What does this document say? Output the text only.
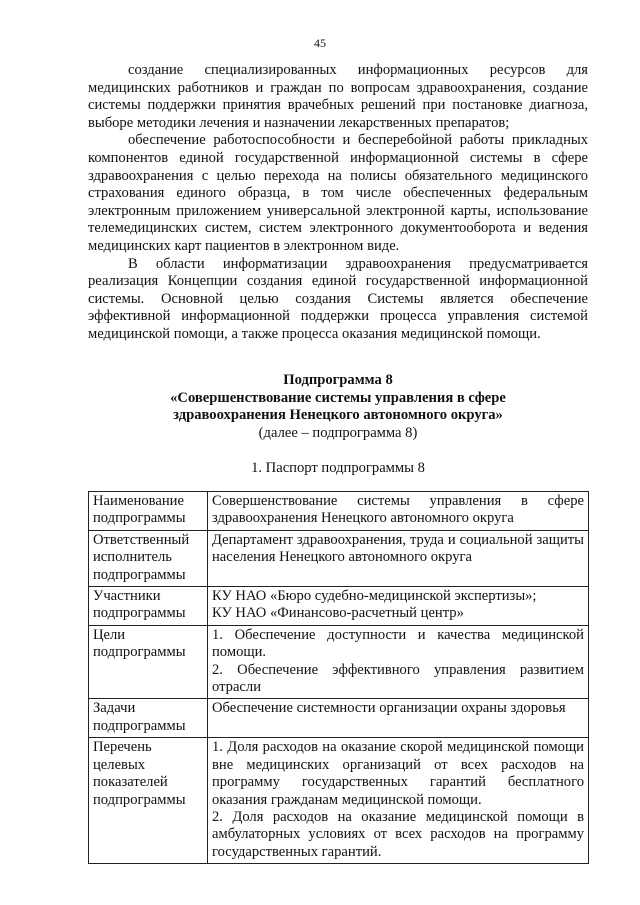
45

создание специализированных информационных ресурсов для медицинских работников и граждан по вопросам здравоохранения, создание системы поддержки принятия врачебных решений при постановке диагноза, выборе методики лечения и назначении лекарственных препаратов;

обеспечение работоспособности и бесперебойной работы прикладных компонентов единой государственной информационной системы в сфере здравоохранения с целью перехода на полисы обязательного медицинского страхования единого образца, в том числе обеспеченных федеральным электронным приложением универсальной электронной карты, использование телемедицинских систем, систем электронного документооборота и ведения медицинских карт пациентов в электронном виде.

В области информатизации здравоохранения предусматривается реализация Концепции создания единой государственной информационной системы. Основной целью создания Системы является обеспечение эффективной информационной поддержки процесса управления системой медицинской помощи, а также процесса оказания медицинской помощи.

Подпрограмма 8
«Совершенствование системы управления в сфере
здравоохранения Ненецкого автономного округа»
(далее – подпрограмма 8)
1. Паспорт подпрограммы 8
Наименование подпрограммы	Совершенствование системы управления в сфере здравоохранения Ненецкого автономного округа
Ответственный исполнитель подпрограммы	Департамент здравоохранения, труда и социальной защиты населения Ненецкого автономного округа
Участники подпрограммы	КУ НАО «Бюро судебно-медицинской экспертизы»;
КУ НАО «Финансово-расчетный центр»

Цели подпрограммы	1. Обеспечение доступности и качества медицинской помощи.
2. Обеспечение эффективного управления развитием отрасли

Задачи подпрограммы	Обеспечение системности организации охраны здоровья
Перечень целевых показателей подпрограммы	1. Доля расходов на оказание скорой медицинской помощи вне медицинских организаций от всех расходов на программу государственных гарантий бесплатного оказания гражданам медицинской помощи.
2. Доля расходов на оказание медицинской помощи в амбулаторных условиях от всех расходов на программу государственных гарантий.
